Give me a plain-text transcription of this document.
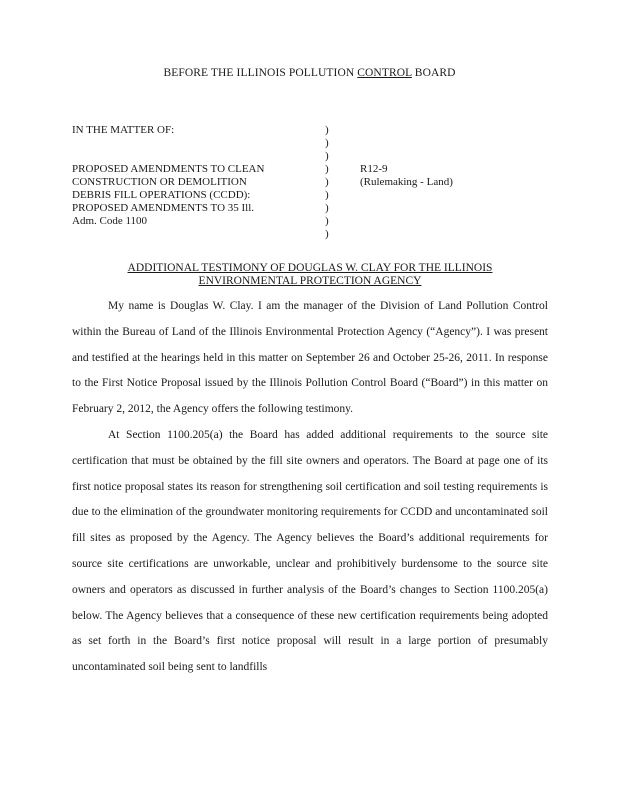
BEFORE THE ILLINOIS POLLUTION CONTROL BOARD
IN THE MATTER OF:
PROPOSED AMENDMENTS TO CLEAN
CONSTRUCTION OR DEMOLITION
DEBRIS FILL OPERATIONS (CCDD):
PROPOSED AMENDMENTS TO 35 Ill.
Adm. Code 1100
)
)
)
)
)
)
)
)
)
R12-9
(Rulemaking - Land)
ADDITIONAL TESTIMONY OF DOUGLAS W. CLAY FOR THE ILLINOIS
ENVIRONMENTAL PROTECTION AGENCY

My name is Douglas W. Clay. I am the manager of the Division of Land Pollution Control within the Bureau of Land of the Illinois Environmental Protection Agency (“Agency”). I was present and testified at the hearings held in this matter on September 26 and October 25-26, 2011. In response to the First Notice Proposal issued by the Illinois Pollution Control Board (“Board”) in this matter on February 2, 2012, the Agency offers the following testimony.

At Section 1100.205(a) the Board has added additional requirements to the source site certification that must be obtained by the fill site owners and operators. The Board at page one of its first notice proposal states its reason for strengthening soil certification and soil testing requirements is due to the elimination of the groundwater monitoring requirements for CCDD and uncontaminated soil fill sites as proposed by the Agency. The Agency believes the Board’s additional requirements for source site certifications are unworkable, unclear and prohibitively burdensome to the source site owners and operators as discussed in further analysis of the Board’s changes to Section 1100.205(a) below. The Agency believes that a consequence of these new certification requirements being adopted as set forth in the Board’s first notice proposal will result in a large portion of presumably uncontaminated soil being sent to landfills
